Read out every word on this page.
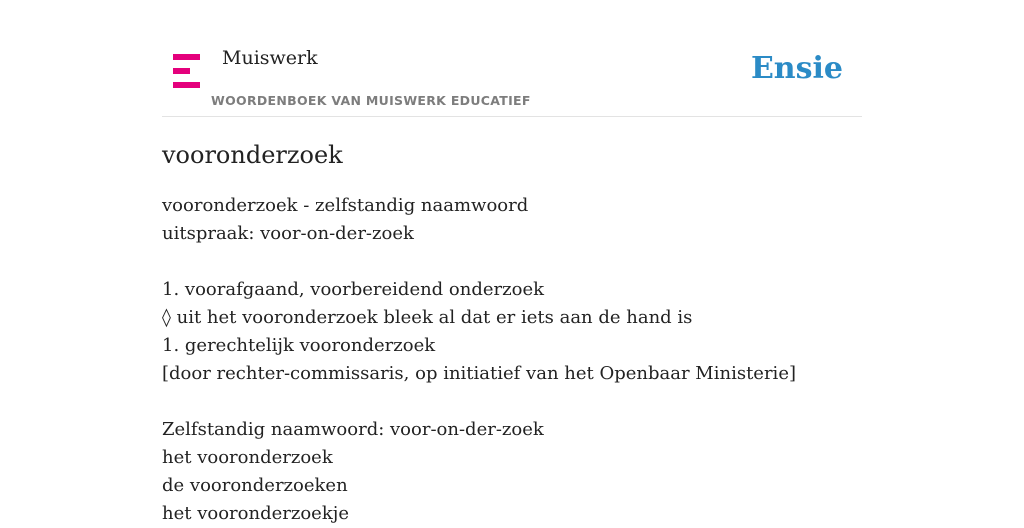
Muiswerk
WOORDENBOEK VAN MUISWERK EDUCATIEF
Ensie
vooronderzoek
vooronderzoek - zelfstandig naamwoord
uitspraak: voor-on-der-zoek
1. voorafgaand, voorbereidend onderzoek
◊ uit het vooronderzoek bleek al dat er iets aan de hand is
1. gerechtelijk vooronderzoek
[door rechter-commissaris, op initiatief van het Openbaar Ministerie]
Zelfstandig naamwoord: voor-on-der-zoek
het vooronderzoek
de vooronderzoeken
het vooronderzoekje
